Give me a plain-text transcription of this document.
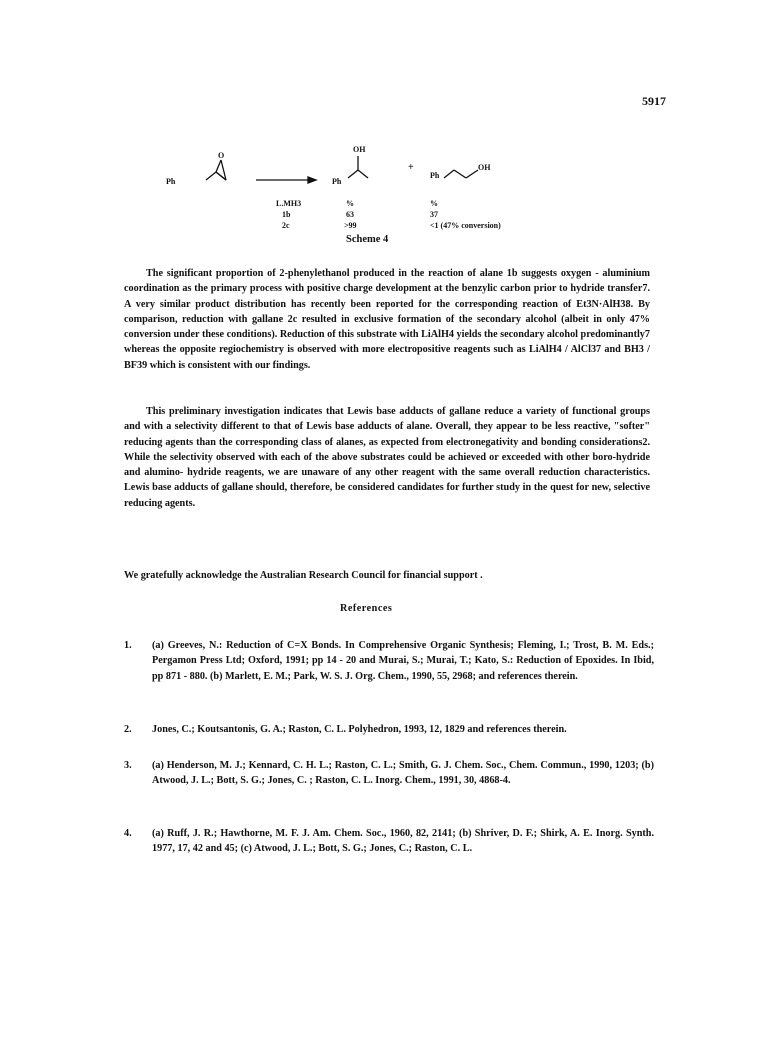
5917
Ph
O
OH
Ph
+
Ph
OH
L.MH3
1b
2c
%
63
>99
%
37
<1 (47% conversion)
Scheme 4

The significant proportion of 2-phenylethanol produced in the reaction of alane 1b suggests oxygen - aluminium coordination as the primary process with positive charge development at the benzylic carbon prior to hydride transfer7. A very similar product distribution has recently been reported for the corresponding reaction of Et3N·AlH38. By comparison, reduction with gallane 2c resulted in exclusive formation of the secondary alcohol (albeit in only 47% conversion under these conditions). Reduction of this substrate with LiAlH4 yields the secondary alcohol predominantly7 whereas the opposite regiochemistry is observed with more electropositive reagents such as LiAlH4 / AlCl37 and BH3 / BF39 which is consistent with our findings.

This preliminary investigation indicates that Lewis base adducts of gallane reduce a variety of functional groups and with a selectivity different to that of Lewis base adducts of alane. Overall, they appear to be less reactive, "softer" reducing agents than the corresponding class of alanes, as expected from electronegativity and bonding considerations2. While the selectivity observed with each of the above substrates could be achieved or exceeded with other boro-hydride and alumino- hydride reagents, we are unaware of any other reagent with the same overall reduction characteristics. Lewis base adducts of gallane should, therefore, be considered candidates for further study in the quest for new, selective reducing agents.

We gratefully acknowledge the Australian Research Council for financial support .
References
1. (a) Greeves, N.: Reduction of C=X Bonds. In Comprehensive Organic Synthesis; Fleming, I.; Trost, B. M. Eds.; Pergamon Press Ltd; Oxford, 1991; pp 14 - 20 and Murai, S.; Murai, T.; Kato, S.: Reduction of Epoxides. In Ibid, pp 871 - 880. (b) Marlett, E. M.; Park, W. S. J. Org. Chem., 1990, 55, 2968; and references therein.
2. Jones, C.; Koutsantonis, G. A.; Raston, C. L. Polyhedron, 1993, 12, 1829 and references therein.
3. (a) Henderson, M. J.; Kennard, C. H. L.; Raston, C. L.; Smith, G. J. Chem. Soc., Chem. Commun., 1990, 1203; (b) Atwood, J. L.; Bott, S. G.; Jones, C. ; Raston, C. L. Inorg. Chem., 1991, 30, 4868-4.
4. (a) Ruff, J. R.; Hawthorne, M. F. J. Am. Chem. Soc., 1960, 82, 2141; (b) Shriver, D. F.; Shirk, A. E. Inorg. Synth. 1977, 17, 42 and 45; (c) Atwood, J. L.; Bott, S. G.; Jones, C.; Raston, C. L.
